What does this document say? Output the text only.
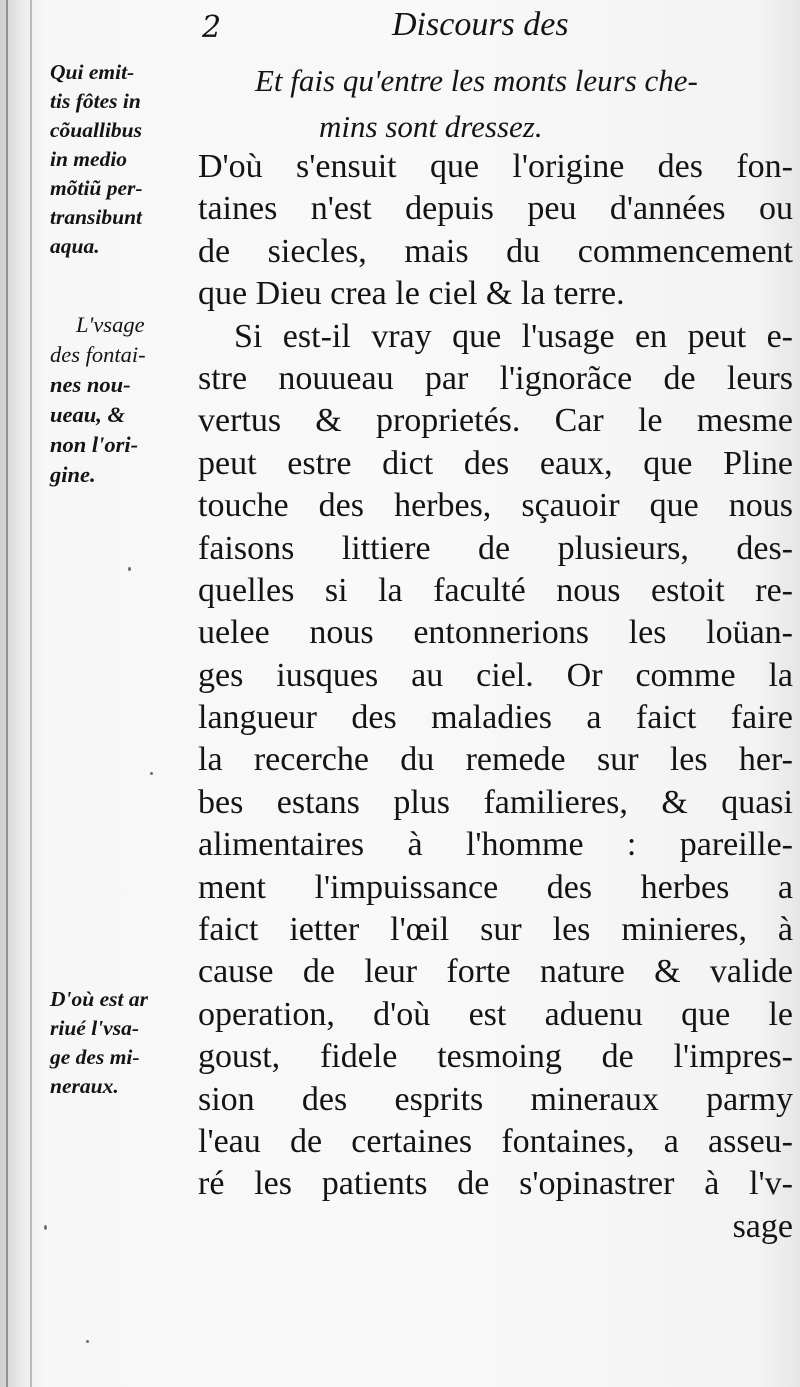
2	Discours des
Et fais qu'entre les monts leurs che-
mins sont dressez.
Qui emit-
tis fôtes in
cõuallibus
in medio
mõtiũ per-
transibunt
aqua.
L'vsage
des fontai-
nes nou-
ueau, &
non l'ori-
gine.
D'où est ar
riué l'vsa-
ge des mi-
neraux.
D'où s'ensuit que l'origine des fon-
taines n'est depuis peu d'années ou
de siecles, mais du commencement
que Dieu crea le ciel & la terre.
Si est-il vray que l'usage en peut e-
stre nouueau par l'ignorãce de leurs
vertus & proprietés. Car le mesme
peut estre dict des eaux, que Pline
touche des herbes, sçauoir que nous
faisons littiere de plusieurs, des-
quelles si la faculté nous estoit re-
uelee nous entonnerions les loüan-
ges iusques au ciel. Or comme la
langueur des maladies a faict faire
la recerche du remede sur les her-
bes estans plus familieres, & quasi
alimentaires à l'homme : pareille-
ment l'impuissance des herbes a
faict ietter l'œil sur les minieres, à
cause de leur forte nature & valide
operation, d'où est aduenu que le
goust, fidele tesmoing de l'impres-
sion des esprits mineraux parmy
l'eau de certaines fontaines, a asseu-
ré les patients de s'opinastrer à l'v-
sage
